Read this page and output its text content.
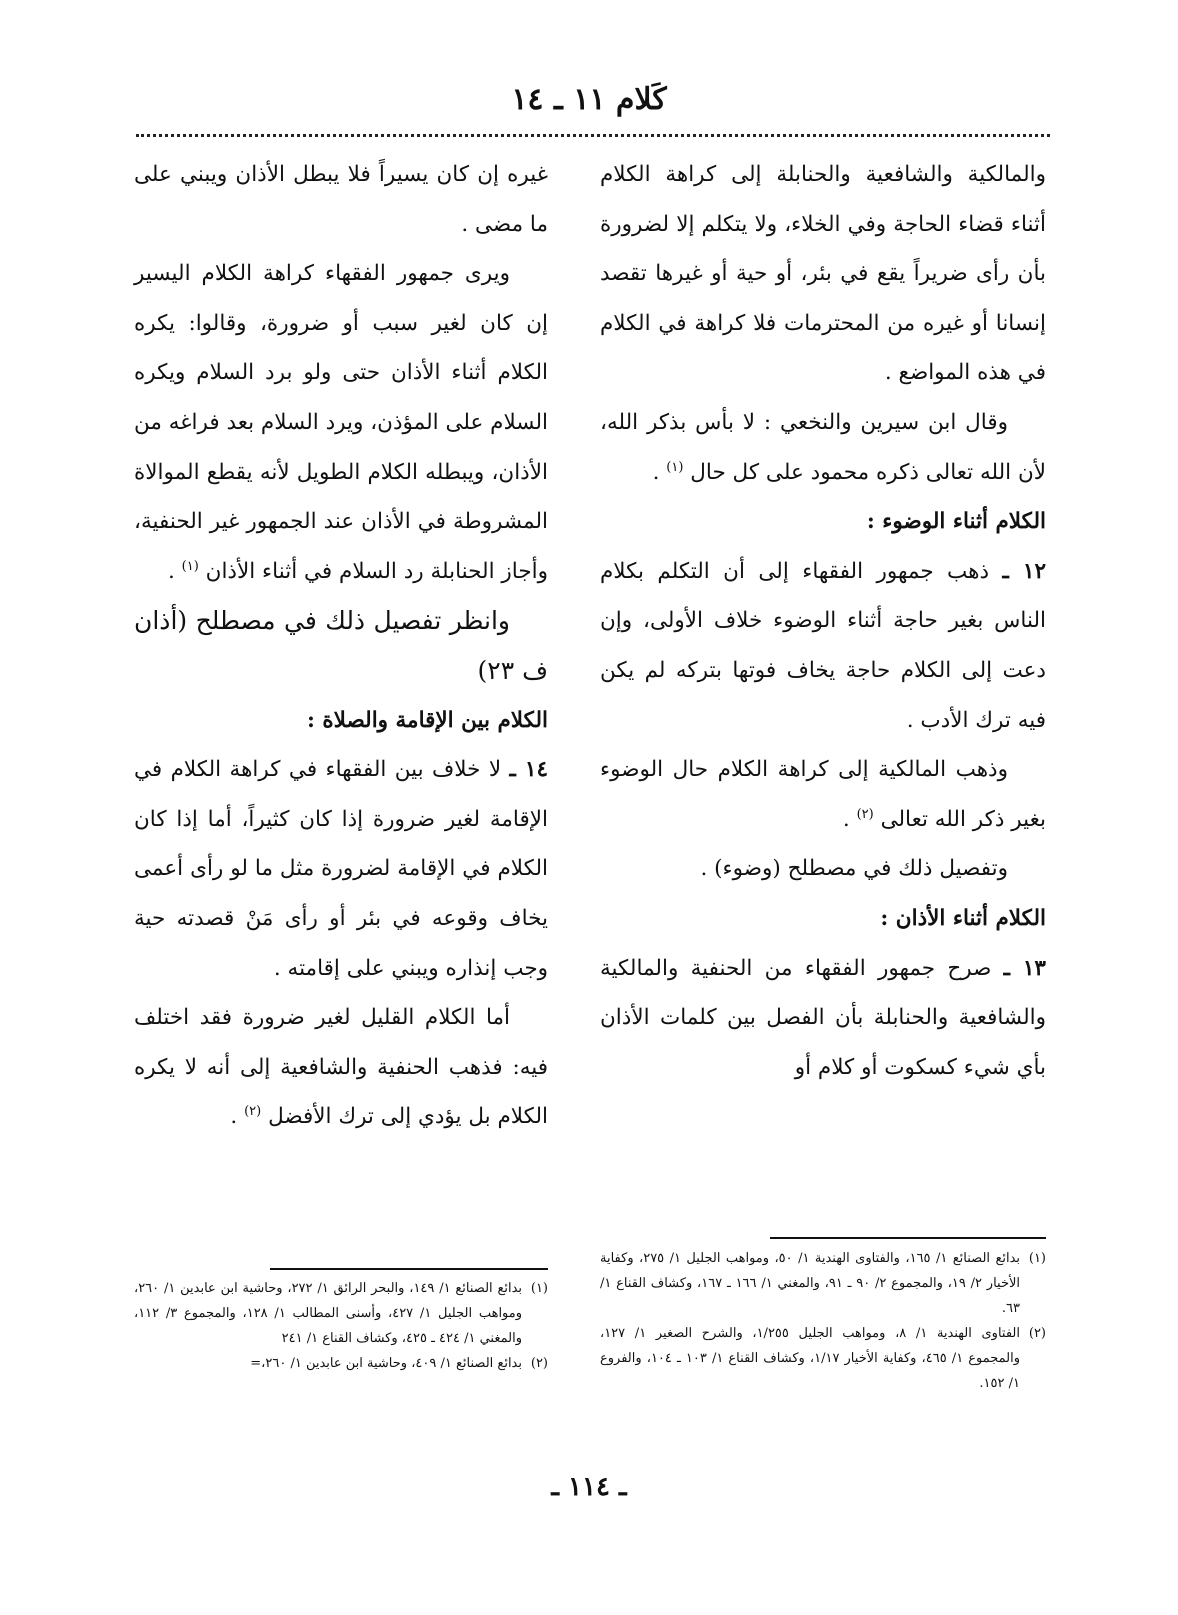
كَلام ١١ ـ ١٤

والمالكية والشافعية والحنابلة إلى كراهة الكلام أثناء قضاء الحاجة وفي الخلاء، ولا يتكلم إلا لضرورة بأن رأى ضريراً يقع في بئر، أو حية أو غيرها تقصد إنسانا أو غيره من المحترمات فلا كراهة في الكلام في هذه المواضع .

وقال ابن سيرين والنخعي : لا بأس بذكر الله، لأن الله تعالى ذكره محمود على كل حال $^{(١)}$ .

الكلام أثناء الوضوء :

١٢ ـ ذهب جمهور الفقهاء إلى أن التكلم بكلام الناس بغير حاجة أثناء الوضوء خلاف الأولى، وإن دعت إلى الكلام حاجة يخاف فوتها بتركه لم يكن فيه ترك الأدب .

وذهب المالكية إلى كراهة الكلام حال الوضوء بغير ذكر الله تعالى $^{(٢)}$ .

وتفصيل ذلك في مصطلح (وضوء) .

الكلام أثناء الأذان :

١٣ ـ صرح جمهور الفقهاء من الحنفية والمالكية والشافعية والحنابلة بأن الفصل بين كلمات الأذان بأي شيء كسكوت أو كلام أو

غيره إن كان يسيراً فلا يبطل الأذان ويبني على ما مضى .

ويرى جمهور الفقهاء كراهة الكلام اليسير إن كان لغير سبب أو ضرورة، وقالوا: يكره الكلام أثناء الأذان حتى ولو برد السلام ويكره السلام على المؤذن، ويرد السلام بعد فراغه من الأذان، ويبطله الكلام الطويل لأنه يقطع الموالاة المشروطة في الأذان عند الجمهور غير الحنفية، وأجاز الحنابلة رد السلام في أثناء الأذان $^{(١)}$ .

وانظر تفصيل ذلك في مصطلح (أذان ف ٢٣)

الكلام بين الإقامة والصلاة :

١٤ ـ لا خلاف بين الفقهاء في كراهة الكلام في الإقامة لغير ضرورة إذا كان كثيراً، أما إذا كان الكلام في الإقامة لضرورة مثل ما لو رأى أعمى يخاف وقوعه في بئر أو رأى مَنْ قصدته حية وجب إنذاره ويبني على إقامته .

أما الكلام القليل لغير ضرورة فقد اختلف فيه: فذهب الحنفية والشافعية إلى أنه لا يكره الكلام بل يؤدي إلى ترك الأفضل $^{(٢)}$ .

(١)
بدائع الصنائع ١/ ١٦٥، والفتاوى الهندية ١/ ٥٠، ومواهب الجليل ١/ ٢٧٥، وكفاية الأخيار ٢/ ١٩، والمجموع ٢/ ٩٠ ـ ٩١، والمغني ١/ ١٦٦ ـ ١٦٧، وكشاف القناع ١/ ٦٣.

(٢)
الفتاوى الهندية ١/ ٨، ومواهب الجليل ١/٢٥٥، والشرح الصغير ١/ ١٢٧، والمجموع ١/ ٤٦٥، وكفاية الأخيار ١/١٧، وكشاف القناع ١/ ١٠٣ ـ ١٠٤، والفروع ١/ ١٥٢.

(١)
بدائع الصنائع ١/ ١٤٩، والبحر الرائق ١/ ٢٧٢، وحاشية ابن عابدين ١/ ٢٦٠، ومواهب الجليل ١/ ٤٢٧، وأسنى المطالب ١/ ١٢٨، والمجموع ٣/ ١١٢، والمغني ١/ ٤٢٤ ـ ٤٢٥، وكشاف القناع ١/ ٢٤١

(٢)
بدائع الصنائع ١/ ٤٠٩، وحاشية ابن عابدين ١/ ٢٦٠،=

ـ ١١٤ ـ
